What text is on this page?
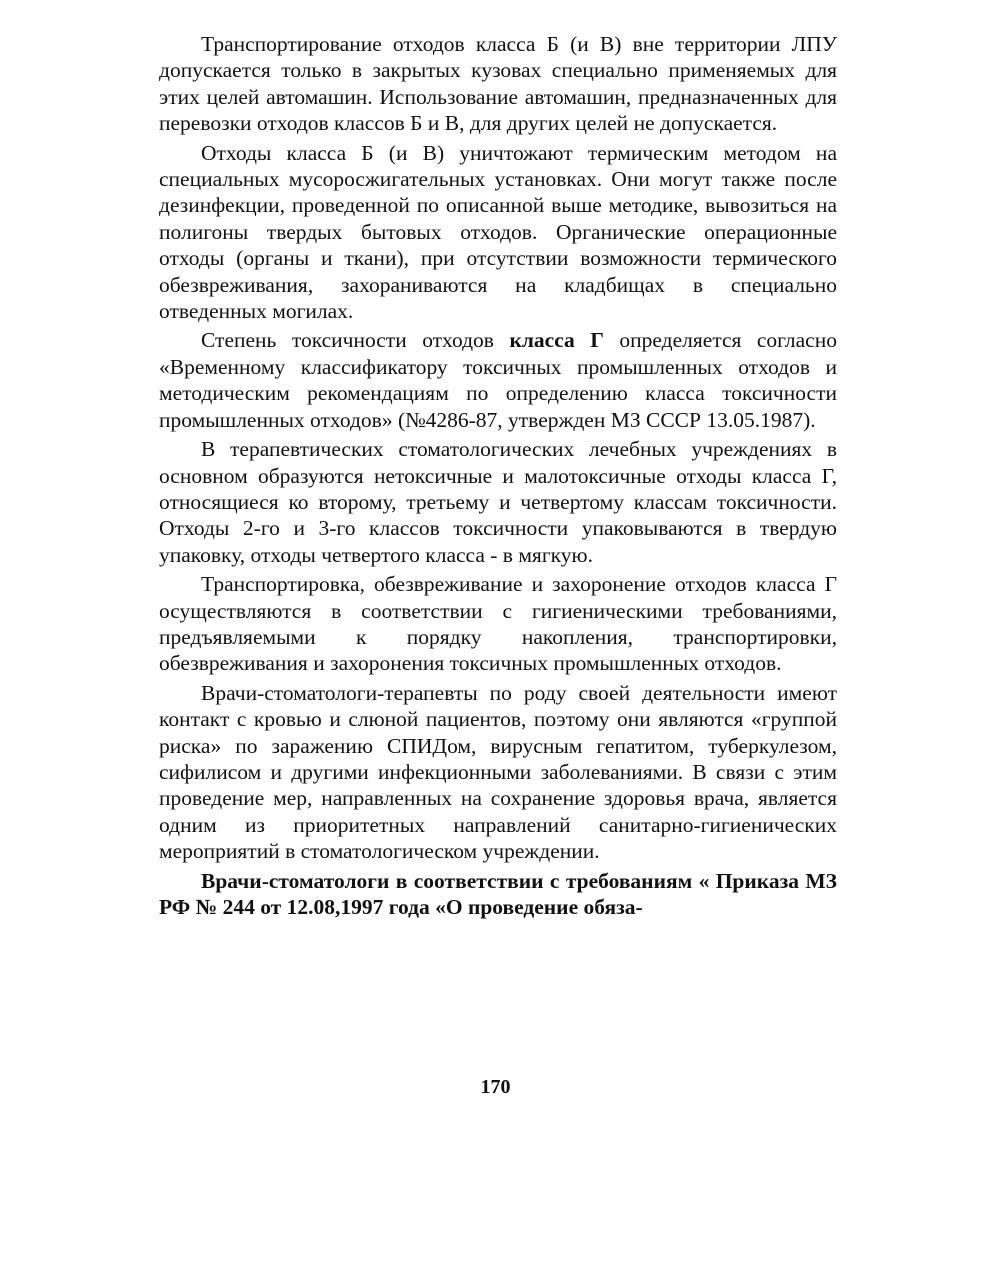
Транспортирование отходов класса Б (и В) вне территории ЛПУ допускается только в закрытых кузовах специально применяемых для этих целей автомашин. Использование автомашин, предназначенных для перевозки отходов классов Б и В, для других целей не допускается.

Отходы класса Б (и В) уничтожают термическим методом на специальных мусоросжигательных установках. Они могут также после дезинфекции, проведенной по описанной выше методике, вывозиться на полигоны твердых бытовых отходов. Органические операционные отходы (органы и ткани), при отсутствии возможности термического обезвреживания, захораниваются на кладбищах в специально отведенных могилах.

Степень токсичности отходов класса Г определяется согласно «Временному классификатору токсичных промышленных отходов и методическим рекомендациям по определению класса токсичности промышленных отходов» (№4286-87, утвержден МЗ СССР 13.05.1987).

В терапевтических стоматологических лечебных учреждениях в основном образуются нетоксичные и малотоксичные отходы класса Г, относящиеся ко второму, третьему и четвертому классам токсичности. Отходы 2-го и 3-го классов токсичности упаковываются в твердую упаковку, отходы четвертого класса - в мягкую.

Транспортировка, обезвреживание и захоронение отходов класса Г осуществляются в соответствии с гигиеническими требованиями, предъявляемыми к порядку накопления, транспортировки, обезвреживания и захоронения токсичных промышленных отходов.

Врачи-стоматологи-терапевты по роду своей деятельности имеют контакт с кровью и слюной пациентов, поэтому они являются «группой риска» по заражению СПИДом, вирусным гепатитом, туберкулезом, сифилисом и другими инфекционными заболеваниями. В связи с этим проведение мер, направленных на сохранение здоровья врача, является одним из приоритетных направлений санитарно-гигиенических мероприятий в стоматологическом учреждении.

Врачи-стоматологи в соответствии с требованиям « Приказа МЗ РФ № 244 от 12.08,1997 года «О проведение обяза-

170
